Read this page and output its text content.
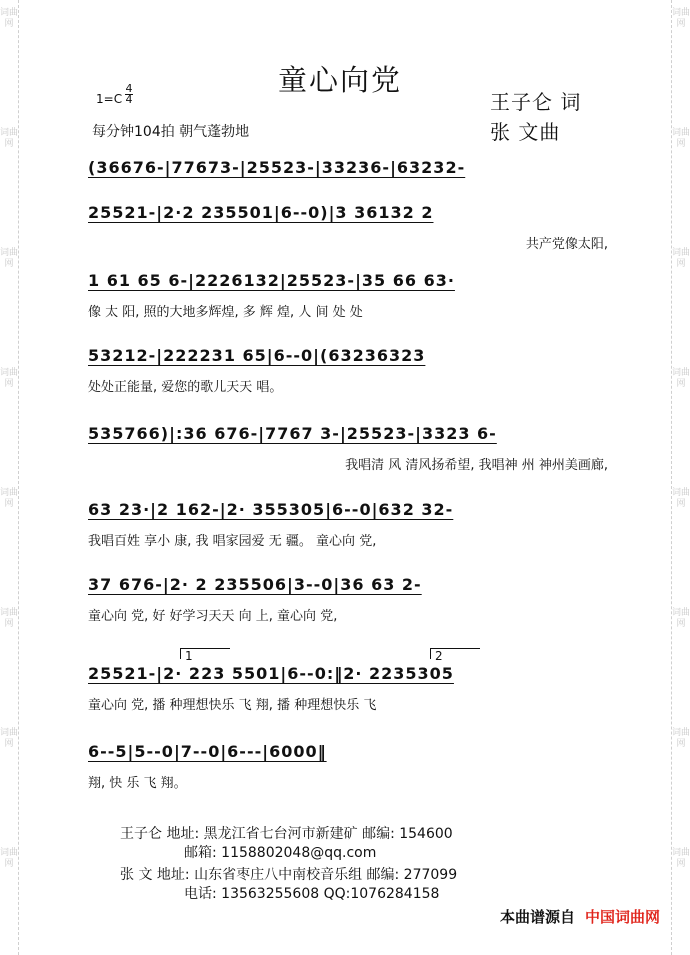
词曲网
词曲网
词曲网
词曲网
词曲网
词曲网
词曲网
词曲网
词曲网
词曲网
词曲网
词曲网
词曲网
词曲网
词曲网
词曲网
童心向党
1=C
4
4
每分钟104拍 朝气蓬勃地
王子仑 词
张 文曲
(36676-|77673-|25523-|33236-|63232-
25521-|2·2 235501|6--0)|3 36132 2
共产党像太阳,
1 61 65 6-|2226132|25523-|35 66 63·
像 太 阳, 照的大地多辉煌, 多 辉 煌, 人 间 处 处
53212-|222231 65|6--0|(63236323
处处正能量, 爱您的歌儿天天 唱。
535766)|:36 676-|7767 3-|25523-|3323 6-
我唱清 风 清风扬希望, 我唱神 州 神州美画廊,
63 23·|2 162-|2· 355305|6--0|632 32-
我唱百姓 享小 康, 我 唱家园爱 无 疆。 童心向 党,
37 676-|2· 2 235506|3--0|36 63 2-
童心向 党, 好 好学习天天 向 上, 童心向 党,
1	2
25521-|2· 223 5501|6--0:‖2· 2235305
童心向 党, 播 种理想快乐 飞 翔, 播 种理想快乐 飞
6--5|5--0|7--0|6---|6000‖
翔, 快 乐 飞 翔。
王子仑 地址: 黑龙江省七台河市新建矿 邮编: 154600
邮箱: 1158802048@qq.com
张 文 地址: 山东省枣庄八中南校音乐组 邮编: 277099
电话: 13563255608 QQ:1076284158
本曲谱源自 中国词曲网
